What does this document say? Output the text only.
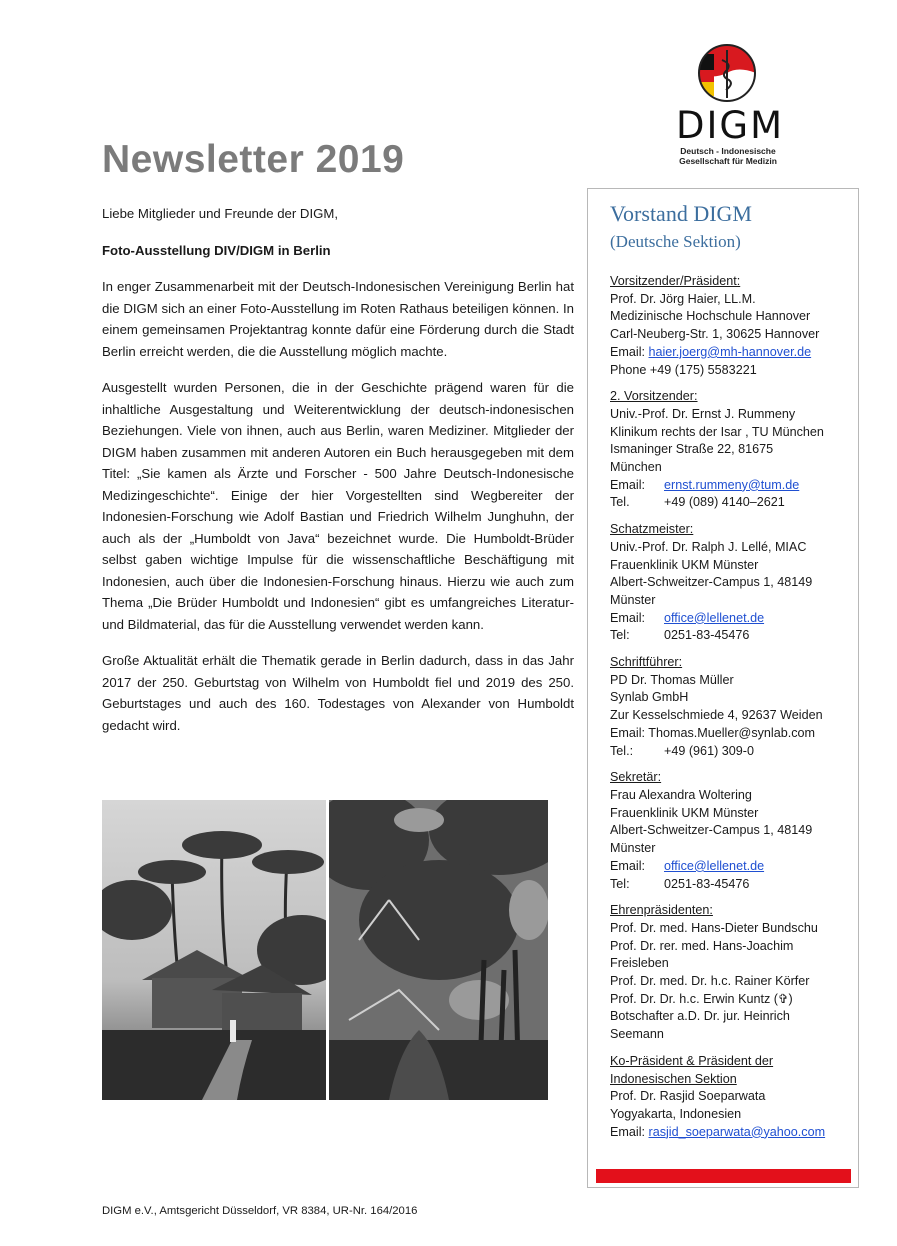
DIGM
Deutsch - Indonesische
Gesellschaft für Medizin
Newsletter 2019

Liebe Mitglieder und Freunde der DIGM,

Foto-Ausstellung DIV/DIGM in Berlin

In enger Zusammenarbeit mit der Deutsch-Indonesischen Vereinigung Berlin hat die DIGM sich an einer Foto-Ausstellung im Roten Rathaus beteiligen können. In einem gemeinsamen Projektantrag konnte dafür eine Förderung durch die Stadt Berlin erreicht werden, die die Ausstellung möglich machte.

Ausgestellt wurden Personen, die in der Geschichte prägend waren für die inhaltliche Ausgestaltung und Weiterentwicklung der deutsch-indonesischen Beziehungen. Viele von ihnen, auch aus Berlin, waren Mediziner. Mitglieder der DIGM haben zusammen mit anderen Autoren ein Buch herausgegeben mit dem Titel: „Sie kamen als Ärzte und Forscher - 500 Jahre Deutsch-Indonesische Medizingeschichte“. Einige der hier Vorgestellten sind Wegbereiter der Indonesien-Forschung wie Adolf Bastian und Friedrich Wilhelm Junghuhn, der auch als der „Humboldt von Java“ bezeichnet wurde. Die Humboldt-Brüder selbst gaben wichtige Impulse für die wissenschaftliche Beschäftigung mit Indonesien, auch über die Indonesien-Forschung hinaus. Hierzu wie auch zum Thema „Die Brüder Humboldt und Indonesien“ gibt es umfangreiches Literatur- und Bildmaterial, das für die Ausstellung verwendet werden kann.

Große Aktualität erhält die Thematik gerade in Berlin dadurch, dass in das Jahr 2017 der 250. Geburtstag von Wilhelm von Humboldt fiel und 2019 des 250. Geburtstages und auch des 160. Todestages von Alexander von Humboldt gedacht wird.

Vorstand DIGM
(Deutsche Sektion)
Vorsitzender/Präsident:
Prof. Dr. Jörg Haier, LL.M.
Medizinische Hochschule Hannover
Carl-Neuberg-Str. 1, 30625 Hannover
Email: haier.joerg@mh-hannover.de
Phone +49 (175) 5583221
2. Vorsitzender:
Univ.-Prof. Dr. Ernst J. Rummeny
Klinikum rechts der Isar , TU München
Ismaninger Straße 22, 81675
München
Email: ernst.rummeny@tum.de
Tel.	+49 (089) 4140–2621
Schatzmeister:
Univ.-Prof. Dr. Ralph J. Lellé, MIAC
Frauenklinik UKM Münster
Albert-Schweitzer-Campus 1, 48149
Münster
Email: office@lellenet.de
Tel:	0251-83-45476
Schriftführer:
PD Dr. Thomas Müller
Synlab GmbH
Zur Kesselschmiede 4, 92637 Weiden
Email: Thomas.Mueller@synlab.com
Tel.: +49 (961) 309-0
Sekretär:
Frau Alexandra Woltering
Frauenklinik UKM Münster
Albert-Schweitzer-Campus 1, 48149
Münster
Email: office@lellenet.de
Tel:	0251-83-45476
Ehrenpräsidenten:
Prof. Dr. med. Hans-Dieter Bundschu
Prof. Dr. rer. med. Hans-Joachim
Freisleben
Prof. Dr. med. Dr. h.c. Rainer Körfer
Prof. Dr. Dr. h.c. Erwin Kuntz (✞)
Botschafter a.D. Dr. jur. Heinrich
Seemann
Ko-Präsident & Präsident der
Indonesischen Sektion
Prof. Dr. Rasjid Soeparwata
Yogyakarta, Indonesien
Email: rasjid_soeparwata@yahoo.com
DIGM e.V., Amtsgericht Düsseldorf, VR 8384, UR-Nr. 164/2016
